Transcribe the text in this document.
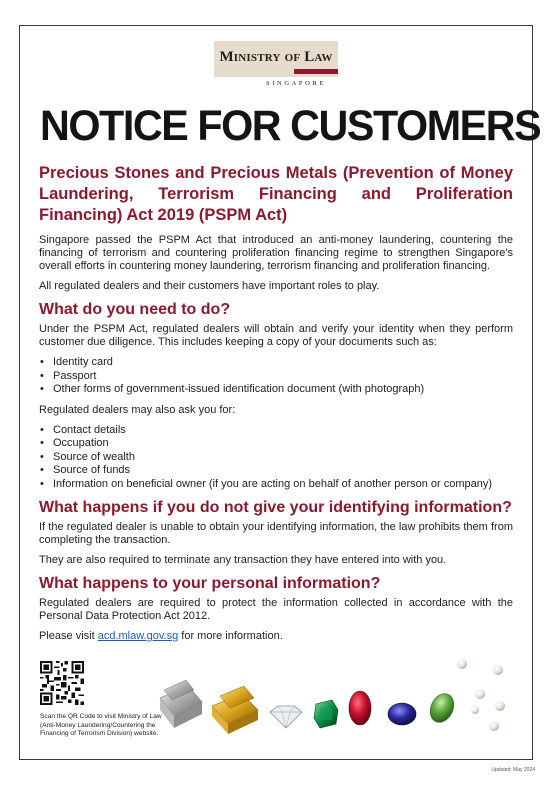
Ministry of Law
SINGAPORE
NOTICE FOR CUSTOMERS
Precious Stones and Precious Metals (Prevention of Money Laundering, Terrorism Financing and Proliferation Financing) Act 2019 (PSPM Act)

Singapore passed the PSPM Act that introduced an anti-money laundering, countering the financing of terrorism and countering proliferation financing regime to strengthen Singapore's overall efforts in countering money laundering, terrorism financing and proliferation financing.

All regulated dealers and their customers have important roles to play.

What do you need to do?

Under the PSPM Act, regulated dealers will obtain and verify your identity when they perform customer due diligence. This includes keeping a copy of your documents such as:

• Identity card
• Passport
• Other forms of government-issued identification document (with photograph)

Regulated dealers may also ask you for:

• Contact details
• Occupation
• Source of wealth
• Source of funds
• Information on beneficial owner (if you are acting on behalf of another person or company)
What happens if you do not give your identifying information?

If the regulated dealer is unable to obtain your identifying information, the law prohibits them from completing the transaction.

They are also required to terminate any transaction they have entered into with you.

What happens to your personal information?

Regulated dealers are required to protect the information collected in accordance with the Personal Data Protection Act 2012.

Please visit acd.mlaw.gov.sg for more information.

Scan the QR Code to visit Ministry of Law (Anti-Money Laundering/Countering the Financing of Terrorism Division) website.
Updated: May 2024
